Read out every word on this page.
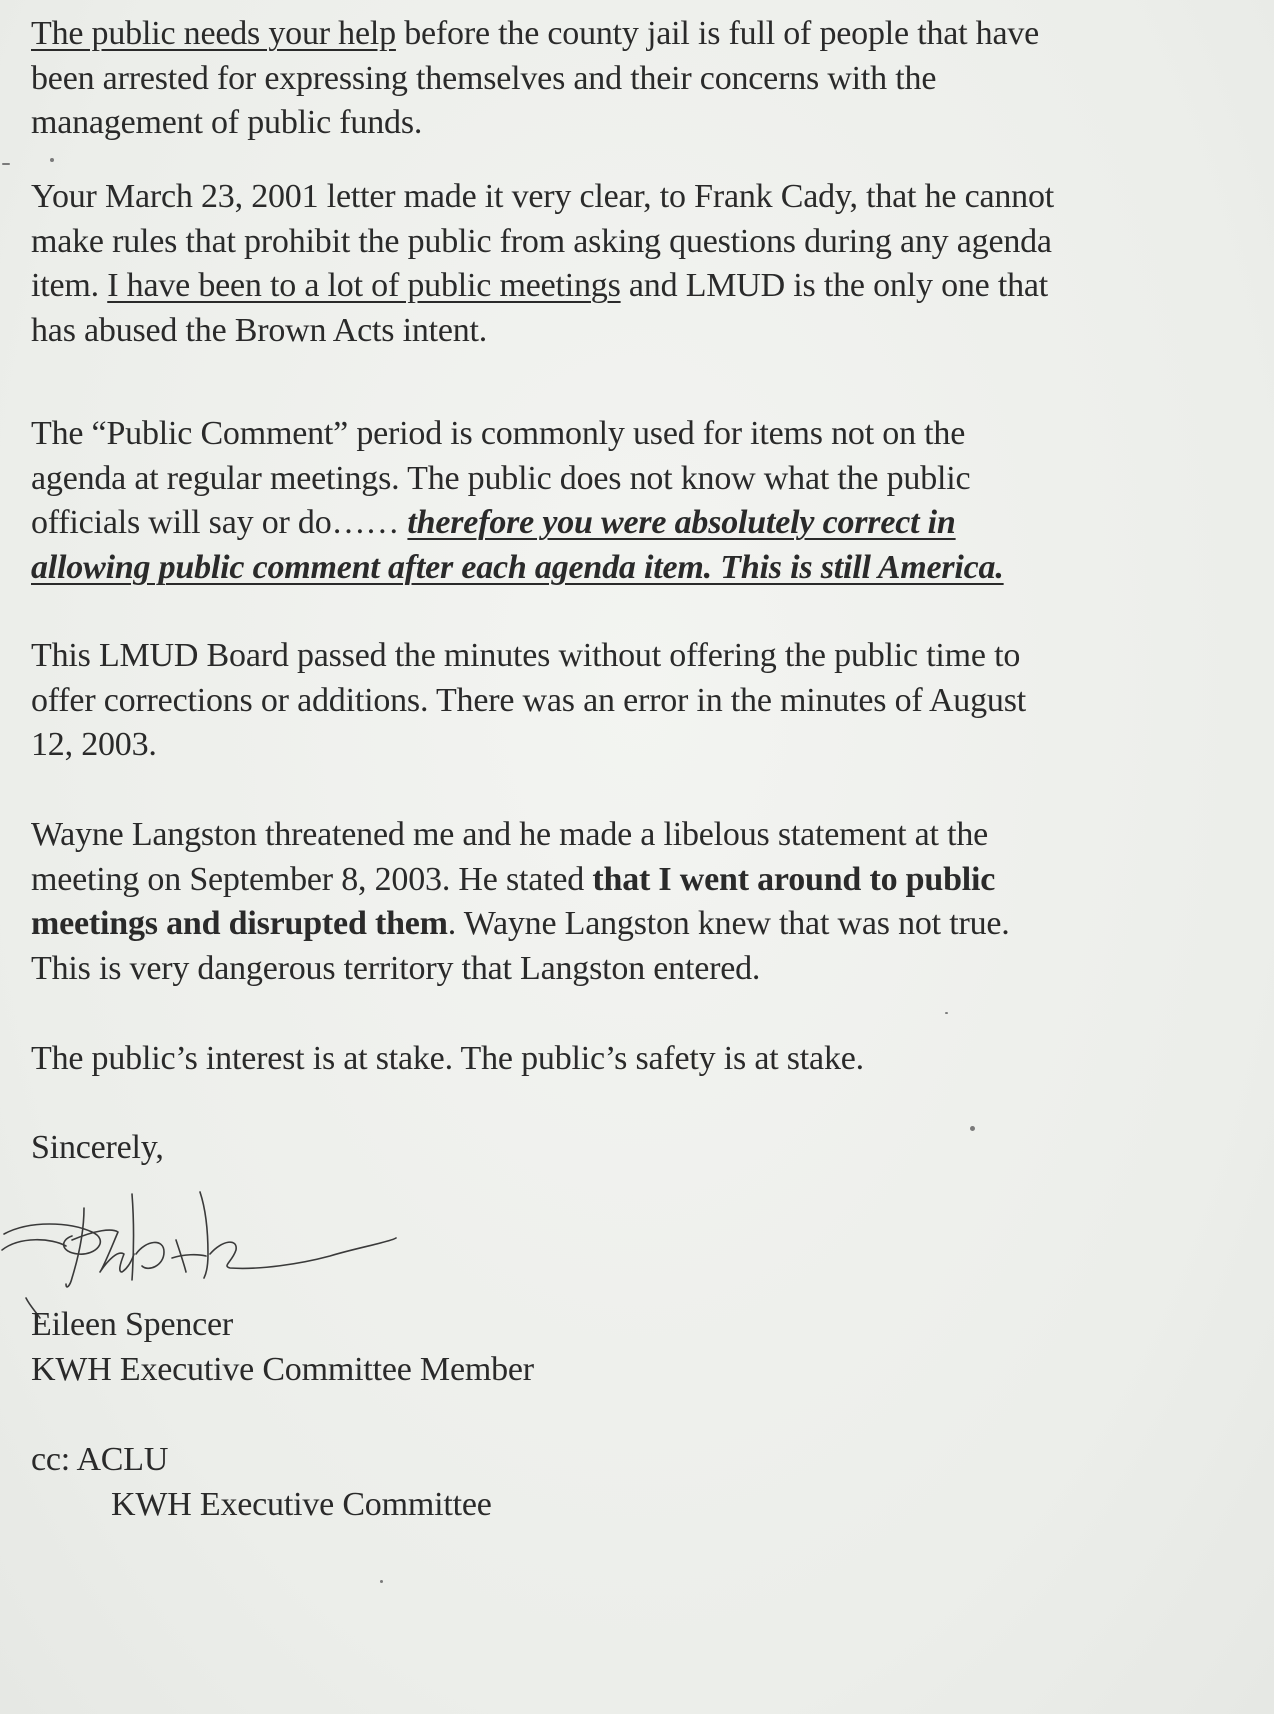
The public needs your help before the county jail is full of people that have
been arrested for expressing themselves and their concerns with the
management of public funds.
Your March 23, 2001 letter made it very clear, to Frank Cady, that he cannot
make rules that prohibit the public from asking questions during any agenda
item. I have been to a lot of public meetings and LMUD is the only one that
has abused the Brown Acts intent.
The “Public Comment” period is commonly used for items not on the
agenda at regular meetings. The public does not know what the public
officials will say or do…… therefore you were absolutely correct in
allowing public comment after each agenda item. This is still America.
This LMUD Board passed the minutes without offering the public time to
offer corrections or additions. There was an error in the minutes of August
12, 2003.
Wayne Langston threatened me and he made a libelous statement at the
meeting on September 8, 2003. He stated that I went around to public
meetings and disrupted them. Wayne Langston knew that was not true.
This is very dangerous territory that Langston entered.
The public’s interest is at stake. The public’s safety is at stake.
Sincerely,
Eileen Spencer
KWH Executive Committee Member
cc: ACLU
KWH Executive Committee
